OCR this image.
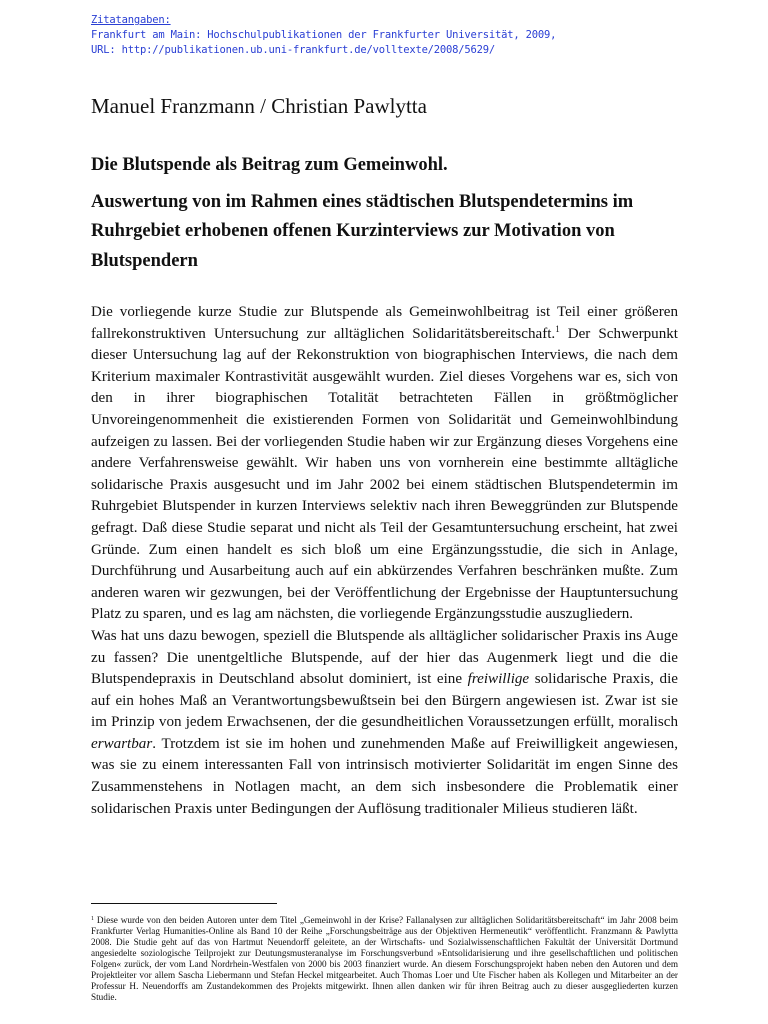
Zitatangaben:
Frankfurt am Main: Hochschulpublikationen der Frankfurter Universität, 2009,
URL: http://publikationen.ub.uni-frankfurt.de/volltexte/2008/5629/
Manuel Franzmann / Christian Pawlytta
Die Blutspende als Beitrag zum Gemeinwohl.
Auswertung von im Rahmen eines städtischen Blutspendetermins im Ruhrgebiet erhobenen offenen Kurzinterviews zur Motivation von Blutspendern

Die vorliegende kurze Studie zur Blutspende als Gemeinwohlbeitrag ist Teil einer größeren fallrekonstruktiven Untersuchung zur alltäglichen Solidaritätsbereitschaft.$^1$ Der Schwerpunkt dieser Untersuchung lag auf der Rekonstruktion von biographischen Interviews, die nach dem Kriterium maximaler Kontrastivität ausgewählt wurden. Ziel dieses Vorgehens war es, sich von den in ihrer biographischen Totalität betrachteten Fällen in größtmöglicher Unvoreingenommenheit die existierenden Formen von Solidarität und Gemeinwohlbindung aufzeigen zu lassen. Bei der vorliegenden Studie haben wir zur Ergänzung dieses Vorgehens eine andere Verfahrensweise gewählt. Wir haben uns von vornherein eine bestimmte alltägliche solidarische Praxis ausgesucht und im Jahr 2002 bei einem städtischen Blutspendetermin im Ruhrgebiet Blutspender in kurzen Interviews selektiv nach ihren Beweggründen zur Blutspende gefragt. Daß diese Studie separat und nicht als Teil der Gesamtuntersuchung erscheint, hat zwei Gründe. Zum einen handelt es sich bloß um eine Ergänzungsstudie, die sich in Anlage, Durchführung und Ausarbeitung auch auf ein abkürzendes Verfahren beschränken mußte. Zum anderen waren wir gezwungen, bei der Veröffentlichung der Ergebnisse der Hauptuntersuchung Platz zu sparen, und es lag am nächsten, die vorliegende Ergänzungsstudie auszugliedern.

Was hat uns dazu bewogen, speziell die Blutspende als alltäglicher solidarischer Praxis ins Auge zu fassen? Die unentgeltliche Blutspende, auf der hier das Augenmerk liegt und die die Blutspendepraxis in Deutschland absolut dominiert, ist eine freiwillige solidarische Praxis, die auf ein hohes Maß an Verantwortungsbewußtsein bei den Bürgern angewiesen ist. Zwar ist sie im Prinzip von jedem Erwachsenen, der die gesundheitlichen Voraussetzungen erfüllt, moralisch erwartbar. Trotzdem ist sie im hohen und zunehmenden Maße auf Freiwilligkeit angewiesen, was sie zu einem interessanten Fall von intrinsisch motivierter Solidarität im engen Sinne des Zusammenstehens in Notlagen macht, an dem sich insbesondere die Problematik einer solidarischen Praxis unter Bedingungen der Auflösung traditionaler Milieus studieren läßt.

$^1$ Diese wurde von den beiden Autoren unter dem Titel „Gemeinwohl in der Krise? Fallanalysen zur alltäglichen Solidaritätsbereitschaft“ im Jahr 2008 beim Frankfurter Verlag Humanities-Online als Band 10 der Reihe „Forschungsbeiträge aus der Objektiven Hermeneutik“ veröffentlicht. Franzmann & Pawlytta 2008. Die Studie geht auf das von Hartmut Neuendorff geleitete, an der Wirtschafts- und Sozialwissenschaftlichen Fakultät der Universität Dortmund angesiedelte soziologische Teilprojekt zur Deutungsmusteranalyse im Forschungsverbund »Entsolidarisierung und ihre gesellschaftlichen und politischen Folgen« zurück, der vom Land Nordrhein-Westfalen von 2000 bis 2003 finanziert wurde. An diesem Forschungsprojekt haben neben den Autoren und dem Projektleiter vor allem Sascha Liebermann und Stefan Heckel mitgearbeitet. Auch Thomas Loer und Ute Fischer haben als Kollegen und Mitarbeiter an der Professur H. Neuendorffs am Zustandekommen des Projekts mitgewirkt. Ihnen allen danken wir für ihren Beitrag auch zu dieser ausgegliederten kurzen Studie.
